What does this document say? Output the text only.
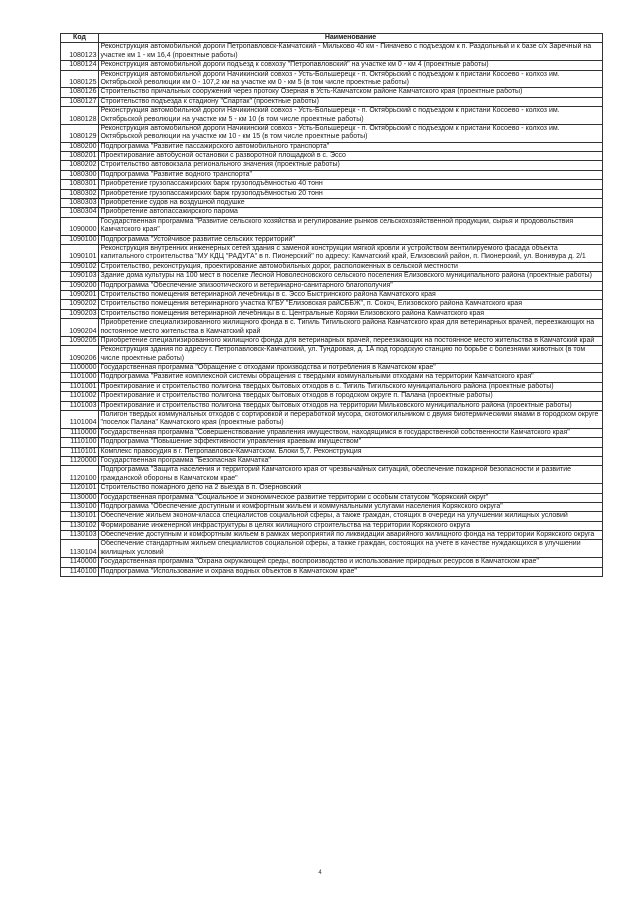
Код	Наименование
1080123	Реконструкция автомобильной дороги Петропавловск-Камчатский - Мильково 40 км - Пиначево с подъездом к п. Раздольный и к базе с/х Заречный на участке км 1 - км 16,4 (проектные работы)
1080124	Реконструкция автомобильной дороги подъезд к совхозу "Петропавловский" на участке км 0 - км 4 (проектные работы)
1080125	Реконструкция автомобильной дороги Начикинский совхоз - Усть-Большерецк - п. Октябрьский с подъездом к пристани Косоево - колхоз им. Октябрьской революции км 0 - 107,2 км на участке км 0 - км 5 (в том числе проектные работы)
1080126	Строительство причальных сооружений через протоку Озерная в Усть-Камчатском районе Камчатского края (проектные работы)
1080127	Строительство подъезда к стадиону "Спартак" (проектные работы)
1080128	Реконструкция автомобильной дороги Начикинский совхоз - Усть-Большерецк - п. Октябрьский с подъездом к пристани Косоево - колхоз им. Октябрьской революции на участке км 5 - км 10 (в том числе проектные работы)
1080129	Реконструкция автомобильной дороги Начикинский совхоз - Усть-Большерецк - п. Октябрьский с подъездом к пристани Косоево - колхоз им. Октябрьской революции на участке км 10 - км 15 (в том числе проектные работы)
1080200	Подпрограмма "Развитие пассажирского автомобильного транспорта"
1080201	Проектирование автобусной остановки с разворотной площадкой в с. Эссо
1080202	Строительство автовокзала регионального значения (проектные работы)
1080300	Подпрограмма "Развитие водного транспорта"
1080301	Приобретение грузопассажирских барж грузоподъёмностью 40 тонн
1080302	Приобретение грузопассажирских барж грузоподъёмностью 20 тонн
1080303	Приобретение судов на воздушной подушке
1080304	Приобретение автопассажирского парома
1090000	Государственная программа "Развитие сельского хозяйства и регулирование рынков сельскохозяйственной продукции, сырья и продовольствия Камчатского края"
1090100	Подпрограмма "Устойчивое развитие сельских территорий"
1090101	Реконструкция внутренних инженерных сетей здания с заменой конструкции мягкой кровли и устройством вентилируемого фасада объекта капитального строительства "МУ КДЦ "РАДУГА" в п. Пионерский" по адресу: Камчатский край, Елизовский район, п. Пионерский, ул. Вонивура д. 2/1
1090102	Строительство, реконструкция, проектирование автомобильных дорог, расположенных в сельской местности
1090103	Здание дома культуры на 100 мест в поселке Лесной Новолесновского сельского поселения Елизовского муниципального района (проектные работы)
1090200	Подпрограмма "Обеспечение эпизоотического и ветеринарно-санитарного благополучия"
1090201	Строительство помещения ветеринарной лечебницы в с. Эссо Быстринского района Камчатского края
1090202	Строительство помещения ветеринарного участка КГБУ "Елизовская райСББЖ", п. Сокоч, Елизовского района Камчатского края
1090203	Строительство помещения ветеринарной лечебницы в с. Центральные Коряки Елизовского района Камчатского края
1090204	Приобретение специализированного жилищного фонда в с. Тигиль Тигильского района Камчатского края для ветеринарных врачей, переезжающих на постоянное место жительства в Камчатский край
1090205	Приобретение специализированного жилищного фонда для ветеринарных врачей, переезжающих на постоянное место жительства в Камчатский край
1090206	Реконструкция здания по адресу г. Петропавловск-Камчатский, ул. Тундровая, д. 1А под городскую станцию по борьбе с болезнями животных (в том числе проектные работы)
1100000	Государственная программа "Обращение с отходами производства и потребления в Камчатском крае"
1101000	Подпрограмма "Развитие комплексной системы обращения с твердыми коммунальными отходами на территории Камчатского края"
1101001	Проектирование и строительство полигона твердых бытовых отходов в с. Тигиль Тигильского муниципального района (проектные работы)
1101002	Проектирование и строительство полигона твердых бытовых отходов в городском округе п. Палана (проектные работы)
1101003	Проектирование и строительство полигона твердых бытовых отходов на территории Мильковского муниципального района (проектные работы)
1101004	Полигон твердых коммунальных отходов с сортировкой и переработкой мусора, скотомогильником с двумя биотермическими ямами в городском округе "поселок Палана" Камчатского края (проектные работы)
1110000	Государственная программа "Совершенствование управления имуществом, находящимся в государственной собственности Камчатского края"
1110100	Подпрограмма "Повышение эффективности управления краевым имуществом"
1110101	Комплекс правосудия в г. Петропавловск-Камчатском. Блоки 5,7. Реконструкция
1120000	Государственная программа "Безопасная Камчатка"
1120100	Подпрограмма "Защита населения и территорий Камчатского края от чрезвычайных ситуаций, обеспечение пожарной безопасности и развитие гражданской обороны в Камчатском крае"
1120101	Строительство пожарного депо на 2 выезда в п. Озерновский
1130000	Государственная программа "Социальное и экономическое развитие территории с особым статусом "Корякский округ"
1130100	Подпрограмма "Обеспечение доступным и комфортным жильем и коммунальными услугами населения Корякского округа"
1130101	Обеспечение жильем эконом-класса специалистов социальной сферы, а также граждан, стоящих в очереди на улучшении жилищных условий
1130102	Формирование инженерной инфраструктуры в целях жилищного строительства на территории Корякского округа
1130103	Обеспечение доступным и комфортным жильем в рамках мероприятий по ликвидации аварийного жилищного фонда на территории Корякского округа
1130104	Обеспечение стандартным жильем специалистов социальной сферы, а также граждан, состоящих на учете в качестве нуждающихся в улучшении жилищных условий
1140000	Государственная программа "Охрана окружающей среды, воспроизводство и использование природных ресурсов в Камчатском крае"
1140100	Подпрограмма "Использование и охрана водных объектов в Камчатском крае"
4
